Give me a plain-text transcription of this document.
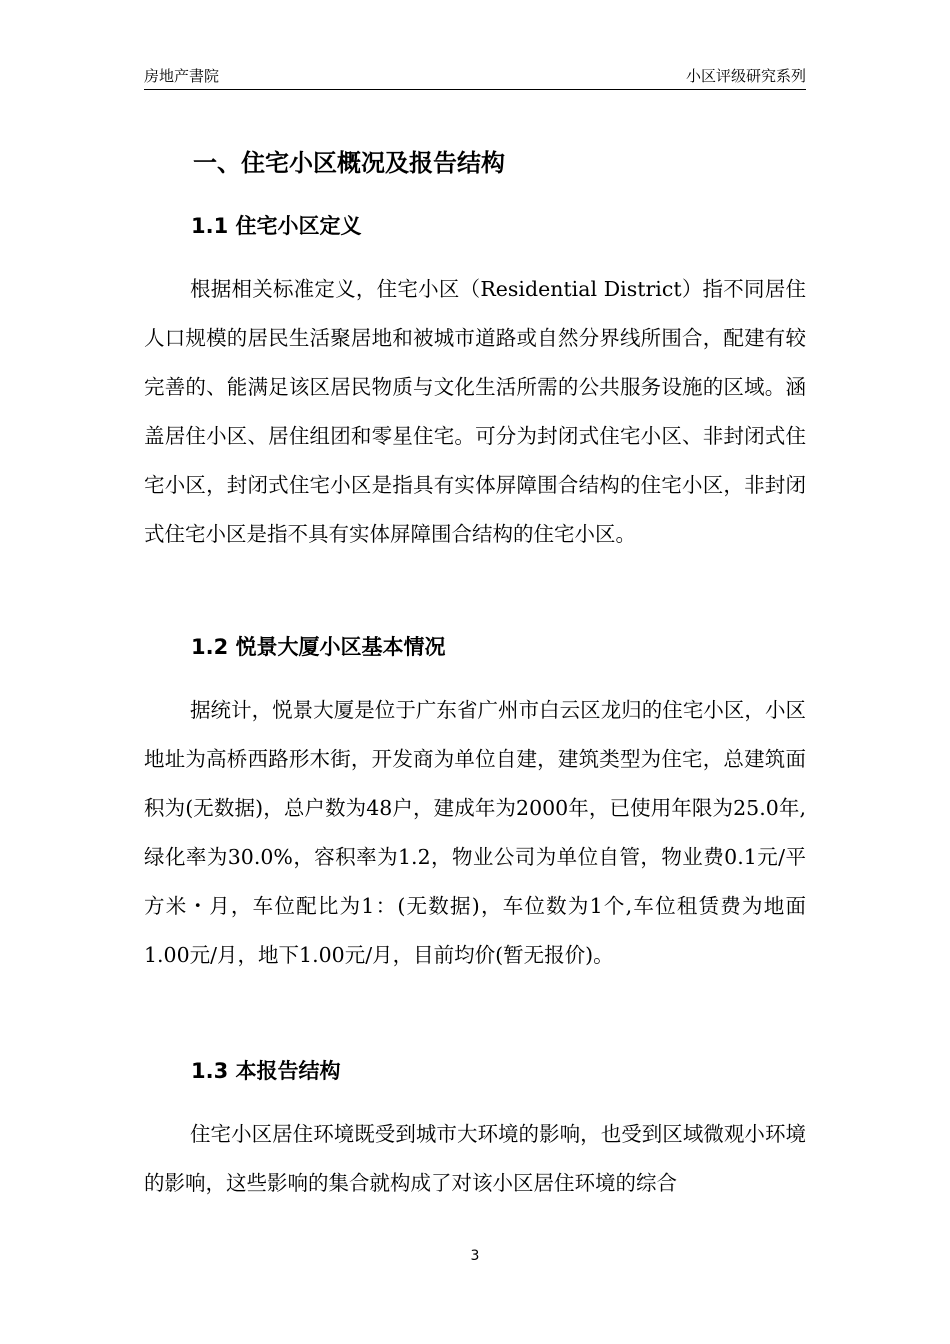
房地产書院	小区评级研究系列
一、住宅小区概况及报告结构
1.1 住宅小区定义

根据相关标准定义，住宅小区（Residential District）指不同居住人口规模的居民生活聚居地和被城市道路或自然分界线所围合，配建有较完善的、能满足该区居民物质与文化生活所需的公共服务设施的区域。涵盖居住小区、居住组团和零星住宅。可分为封闭式住宅小区、非封闭式住宅小区，封闭式住宅小区是指具有实体屏障围合结构的住宅小区，非封闭式住宅小区是指不具有实体屏障围合结构的住宅小区。

1.2 悦景大厦小区基本情况

据统计，悦景大厦是位于广东省广州市白云区龙归的住宅小区，小区地址为高桥西路形木街，开发商为单位自建，建筑类型为住宅，总建筑面积为(无数据)，总户数为48户，建成年为2000年，已使用年限为25.0年,绿化率为30.0%，容积率为1.2，物业公司为单位自管，物业费0.1元/平方米・月，车位配比为1：(无数据)，车位数为1个,车位租赁费为地面1.00元/月，地下1.00元/月，目前均价(暂无报价)。

1.3 本报告结构

住宅小区居住环境既受到城市大环境的影响，也受到区域微观小环境的影响，这些影响的集合就构成了对该小区居住环境的综合

3
